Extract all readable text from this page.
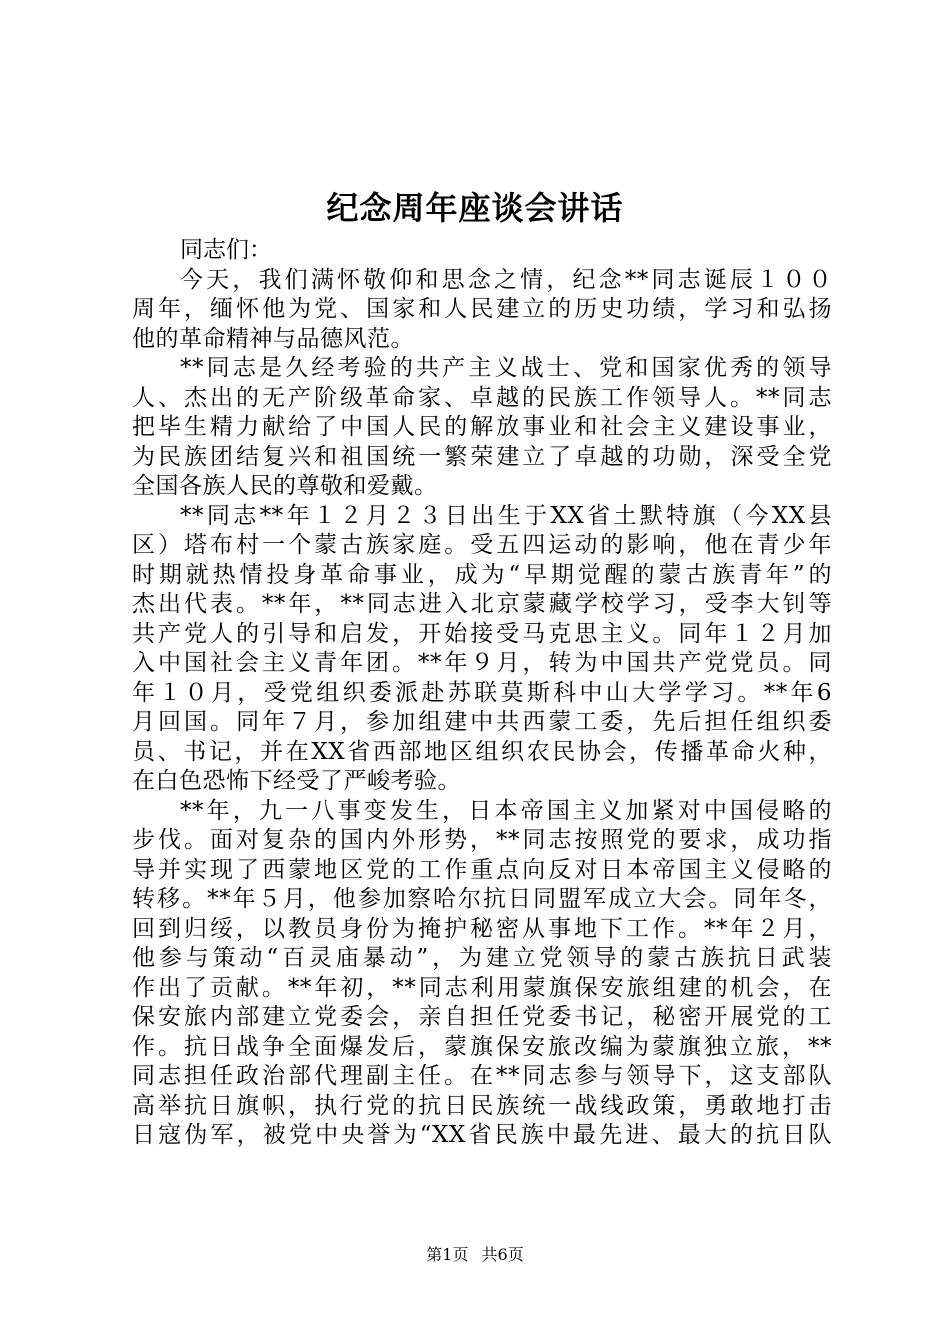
纪念周年座谈会讲话

同志们：

今天，我们满怀敬仰和思念之情，纪念**同志诞辰１００
周年，缅怀他为党、国家和人民建立的历史功绩，学习和弘扬
他的革命精神与品德风范。

**同志是久经考验的共产主义战士、党和国家优秀的领导
人、杰出的无产阶级革命家、卓越的民族工作领导人。**同志
把毕生精力献给了中国人民的解放事业和社会主义建设事业，
为民族团结复兴和祖国统一繁荣建立了卓越的功勋，深受全党
全国各族人民的尊敬和爱戴。

**同志**年１２月２３日出生于XX省土默特旗（今XX县
区）塔布村一个蒙古族家庭。受五四运动的影响，他在青少年
时期就热情投身革命事业，成为“早期觉醒的蒙古族青年”的
杰出代表。**年，**同志进入北京蒙藏学校学习，受李大钊等
共产党人的引导和启发，开始接受马克思主义。同年１２月加
入中国社会主义青年团。**年９月，转为中国共产党党员。同
年１０月，受党组织委派赴苏联莫斯科中山大学学习。**年6
月回国。同年７月，参加组建中共西蒙工委，先后担任组织委
员、书记，并在XX省西部地区组织农民协会，传播革命火种，
在白色恐怖下经受了严峻考验。

**年，九一八事变发生，日本帝国主义加紧对中国侵略的
步伐。面对复杂的国内外形势，**同志按照党的要求，成功指
导并实现了西蒙地区党的工作重点向反对日本帝国主义侵略的
转移。**年５月，他参加察哈尔抗日同盟军成立大会。同年冬，
回到归绥，以教员身份为掩护秘密从事地下工作。**年２月，
他参与策动“百灵庙暴动”，为建立党领导的蒙古族抗日武装
作出了贡献。**年初，**同志利用蒙旗保安旅组建的机会，在
保安旅内部建立党委会，亲自担任党委书记，秘密开展党的工
作。抗日战争全面爆发后，蒙旗保安旅改编为蒙旗独立旅，**
同志担任政治部代理副主任。在**同志参与领导下，这支部队
高举抗日旗帜，执行党的抗日民族统一战线政策，勇敢地打击
日寇伪军，被党中央誉为“XX省民族中最先进、最大的抗日队

第1页 共6页
